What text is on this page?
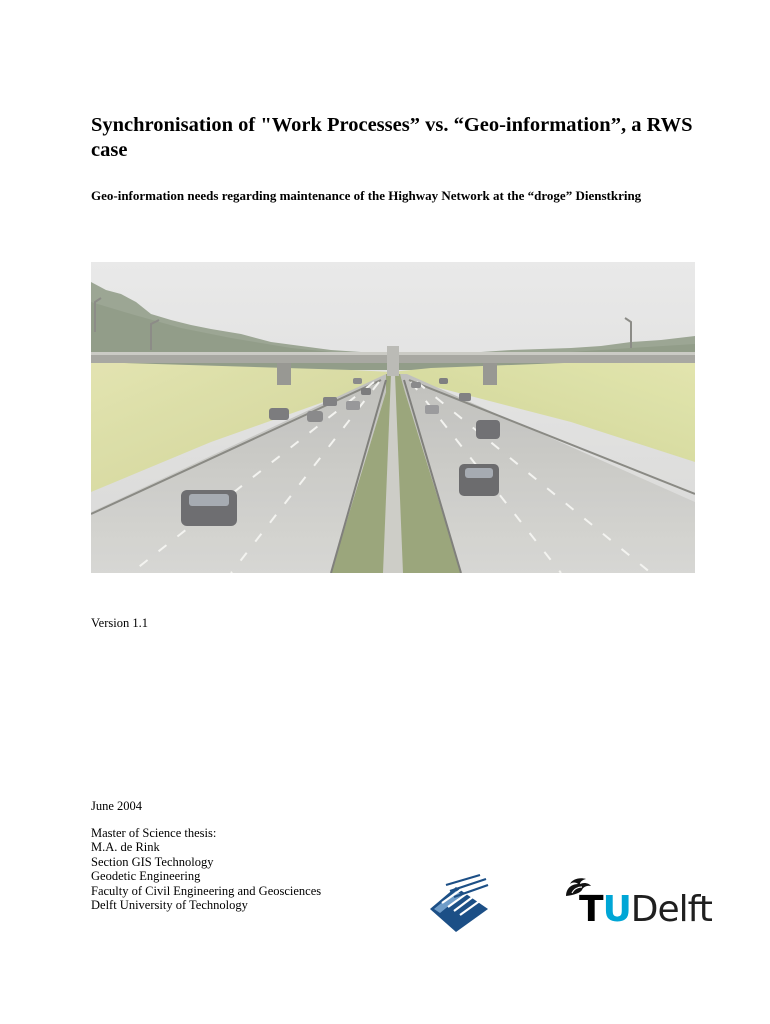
Synchronisation of "Work Processes” vs. “Geo-information”, a RWS case
Geo-information needs regarding maintenance of the Highway Network at the “droge” Dienstkring
Version 1.1
June 2004
Master of Science thesis:
M.A. de Rink
Section GIS Technology
Geodetic Engineering
Faculty of Civil Engineering and Geosciences
Delft University of Technology	TUDelft
